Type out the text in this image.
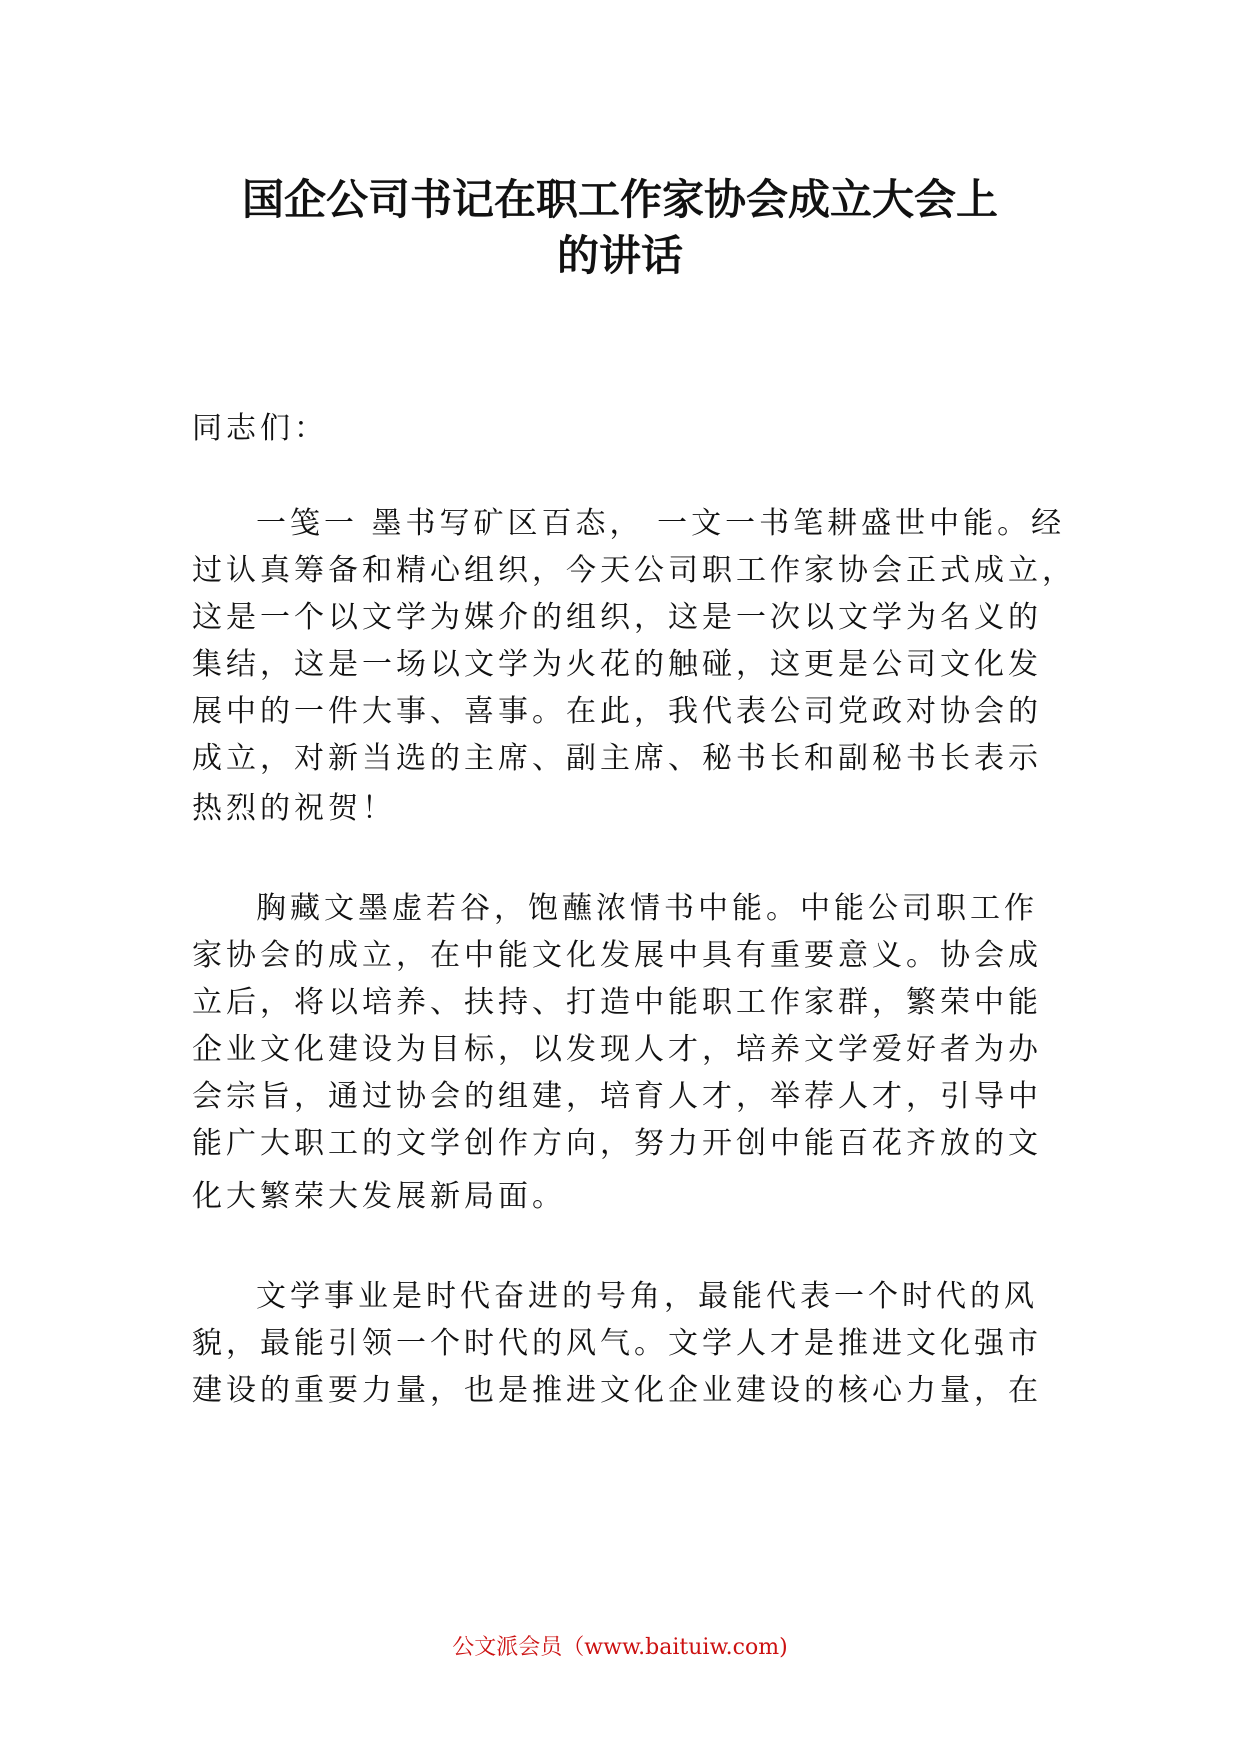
国企公司书记在职工作家协会成立大会上
的讲话
同志们：
一笺一 墨书写矿区百态， 一文一书笔耕盛世中能。经
过认真筹备和精心组织，今天公司职工作家协会正式成立，
这是一个以文学为媒介的组织，这是一次以文学为名义的
集结，这是一场以文学为火花的触碰，这更是公司文化发
展中的一件大事、喜事。在此，我代表公司党政对协会的
成立，对新当选的主席、副主席、秘书长和副秘书长表示
热烈的祝贺！
胸藏文墨虚若谷，饱蘸浓情书中能。中能公司职工作
家协会的成立，在中能文化发展中具有重要意义。协会成
立后，将以培养、扶持、打造中能职工作家群，繁荣中能
企业文化建设为目标，以发现人才，培养文学爱好者为办
会宗旨，通过协会的组建，培育人才，举荐人才，引导中
能广大职工的文学创作方向，努力开创中能百花齐放的文
化大繁荣大发展新局面。
文学事业是时代奋进的号角，最能代表一个时代的风
貌，最能引领一个时代的风气。文学人才是推进文化强市
建设的重要力量，也是推进文化企业建设的核心力量，在
公文派会员（www.baituiw.com)
